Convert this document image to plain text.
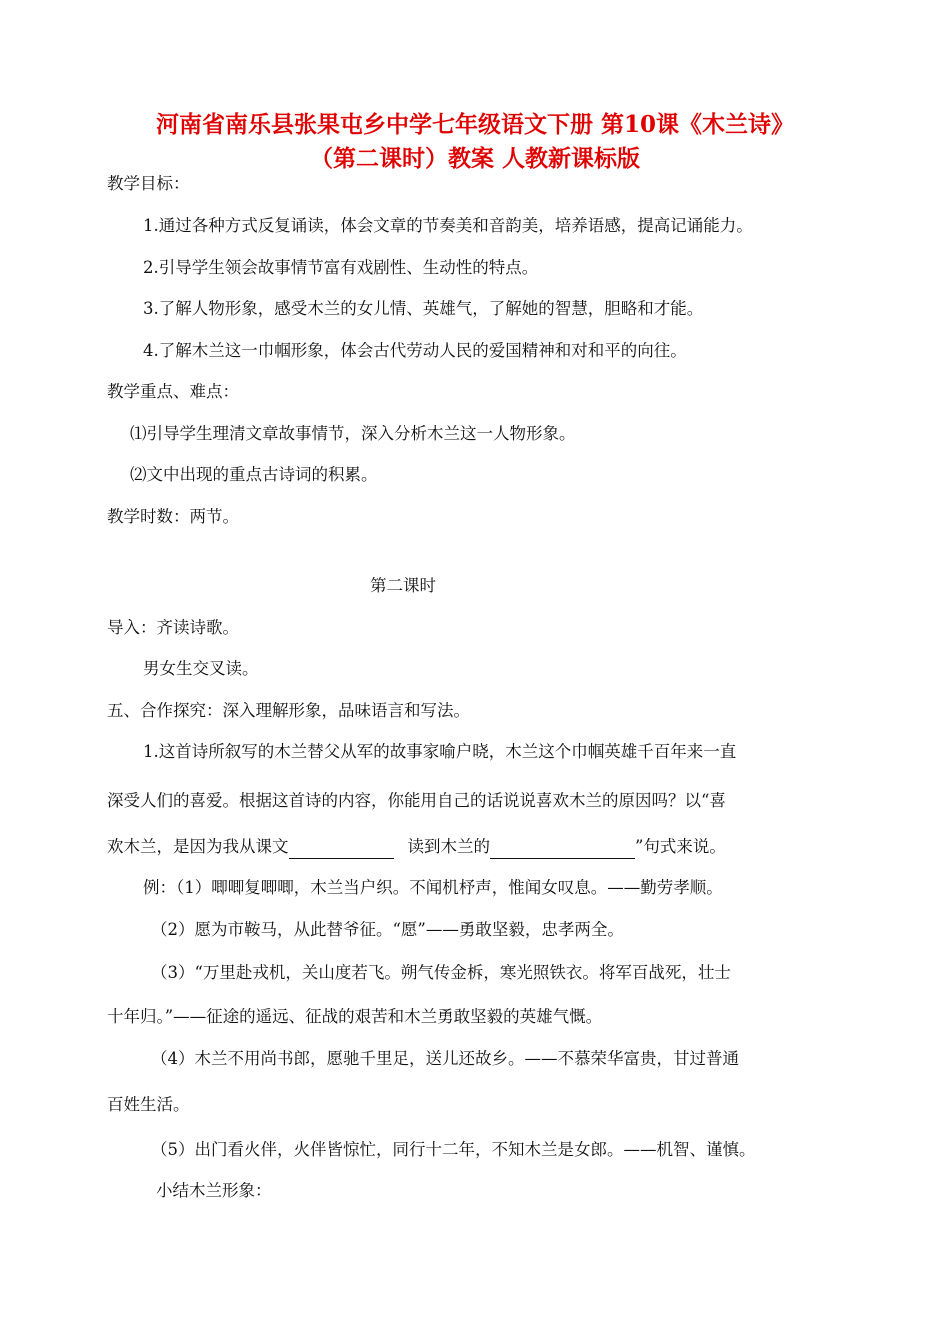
河南省南乐县张果屯乡中学七年级语文下册 第10课《木兰诗》
（第二课时）教案 人教新课标版
教学目标：
1.通过各种方式反复诵读，体会文章的节奏美和音韵美，培养语感，提高记诵能力。
2.引导学生领会故事情节富有戏剧性、生动性的特点。
3.了解人物形象，感受木兰的女儿情、英雄气，了解她的智慧，胆略和才能。
4.了解木兰这一巾帼形象，体会古代劳动人民的爱国精神和对和平的向往。
教学重点、难点：
⑴引导学生理清文章故事情节，深入分析木兰这一人物形象。
⑵文中出现的重点古诗词的积累。
教学时数：两节。
第二课时
导入：齐读诗歌。
男女生交叉读。
五、合作探究：深入理解形象，品味语言和写法。
1.这首诗所叙写的木兰替父从军的故事家喻户晓，木兰这个巾帼英雄千百年来一直
深受人们的喜爱。根据这首诗的内容，你能用自己的话说说喜欢木兰的原因吗？以“喜
欢木兰，是因为我从课文	读到木兰的	”句式来说。
例：（1）唧唧复唧唧，木兰当户织。不闻机杼声，惟闻女叹息。——勤劳孝顺。
（2）愿为市鞍马，从此替爷征。“愿”——勇敢坚毅，忠孝两全。
（3）“万里赴戎机，关山度若飞。朔气传金柝，寒光照铁衣。将军百战死，壮士
十年归。”——征途的遥远、征战的艰苦和木兰勇敢坚毅的英雄气慨。
（4）木兰不用尚书郎，愿驰千里足，送儿还故乡。——不慕荣华富贵，甘过普通
百姓生活。
（5）出门看火伴，火伴皆惊忙，同行十二年，不知木兰是女郎。——机智、谨慎。
小结木兰形象：
